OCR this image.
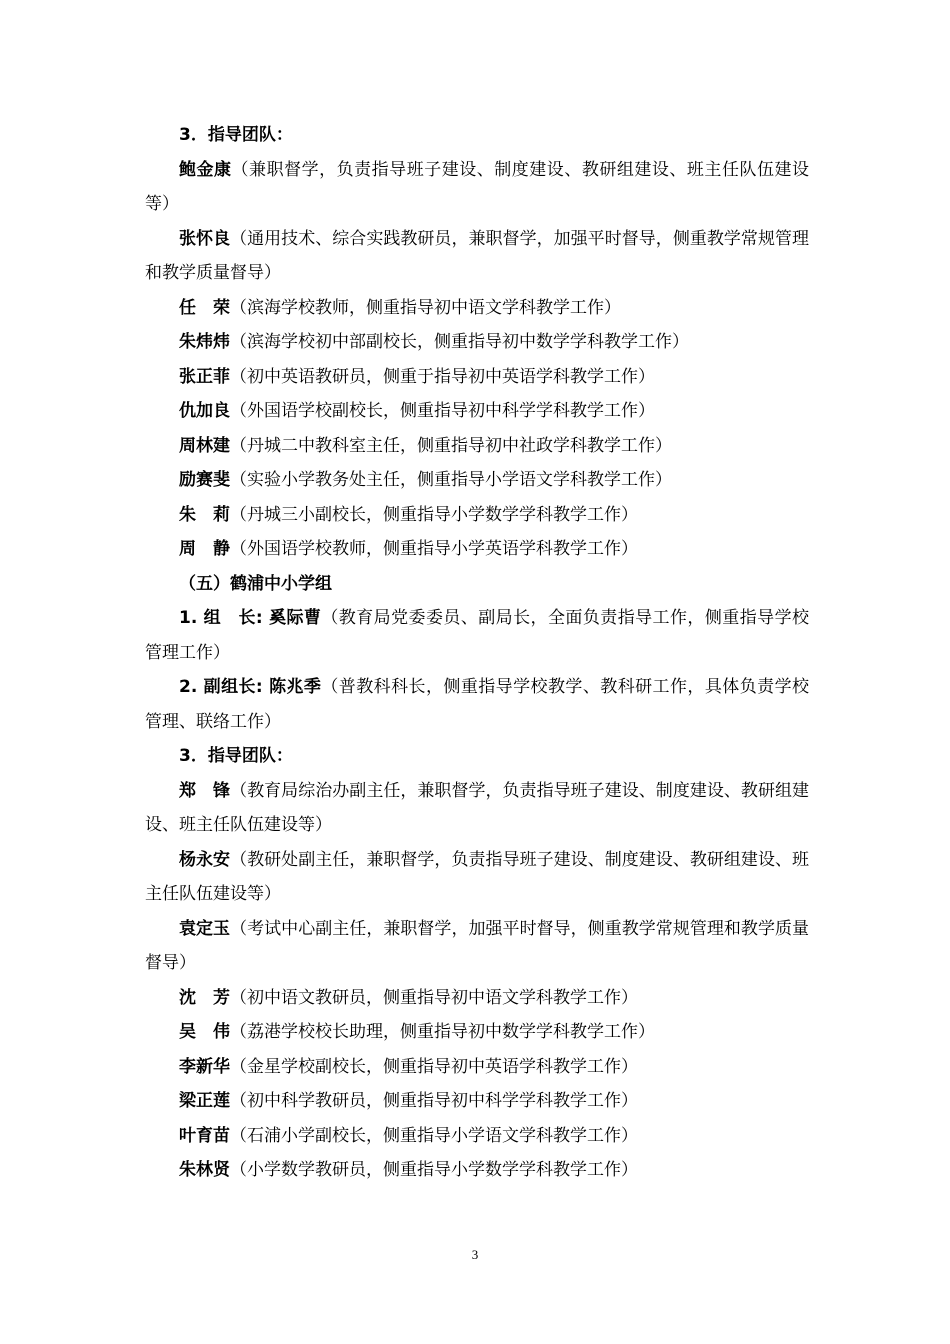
3．指导团队：

鲍金康（兼职督学，负责指导班子建设、制度建设、教研组建设、班主任队伍建设等）

张怀良（通用技术、综合实践教研员，兼职督学，加强平时督导，侧重教学常规管理和教学质量督导）

任　荣（滨海学校教师，侧重指导初中语文学科教学工作）

朱炜炜（滨海学校初中部副校长，侧重指导初中数学学科教学工作）

张正菲（初中英语教研员，侧重于指导初中英语学科教学工作）

仇加良（外国语学校副校长，侧重指导初中科学学科教学工作）

周林建（丹城二中教科室主任，侧重指导初中社政学科教学工作）

励赛斐（实验小学教务处主任，侧重指导小学语文学科教学工作）

朱　莉（丹城三小副校长，侧重指导小学数学学科教学工作）

周　静（外国语学校教师，侧重指导小学英语学科教学工作）

（五）鹤浦中小学组

1. 组　长: 奚际曹（教育局党委委员、副局长，全面负责指导工作，侧重指导学校管理工作）

2. 副组长: 陈兆季（普教科科长，侧重指导学校教学、教科研工作，具体负责学校管理、联络工作）

3．指导团队：

郑　锋（教育局综治办副主任，兼职督学，负责指导班子建设、制度建设、教研组建设、班主任队伍建设等）

杨永安（教研处副主任，兼职督学，负责指导班子建设、制度建设、教研组建设、班主任队伍建设等）

袁定玉（考试中心副主任，兼职督学，加强平时督导，侧重教学常规管理和教学质量督导）

沈　芳（初中语文教研员，侧重指导初中语文学科教学工作）

吴　伟（荔港学校校长助理，侧重指导初中数学学科教学工作）

李新华（金星学校副校长，侧重指导初中英语学科教学工作）

梁正莲（初中科学教研员，侧重指导初中科学学科教学工作）

叶育苗（石浦小学副校长，侧重指导小学语文学科教学工作）

朱林贤（小学数学教研员，侧重指导小学数学学科教学工作）

3
